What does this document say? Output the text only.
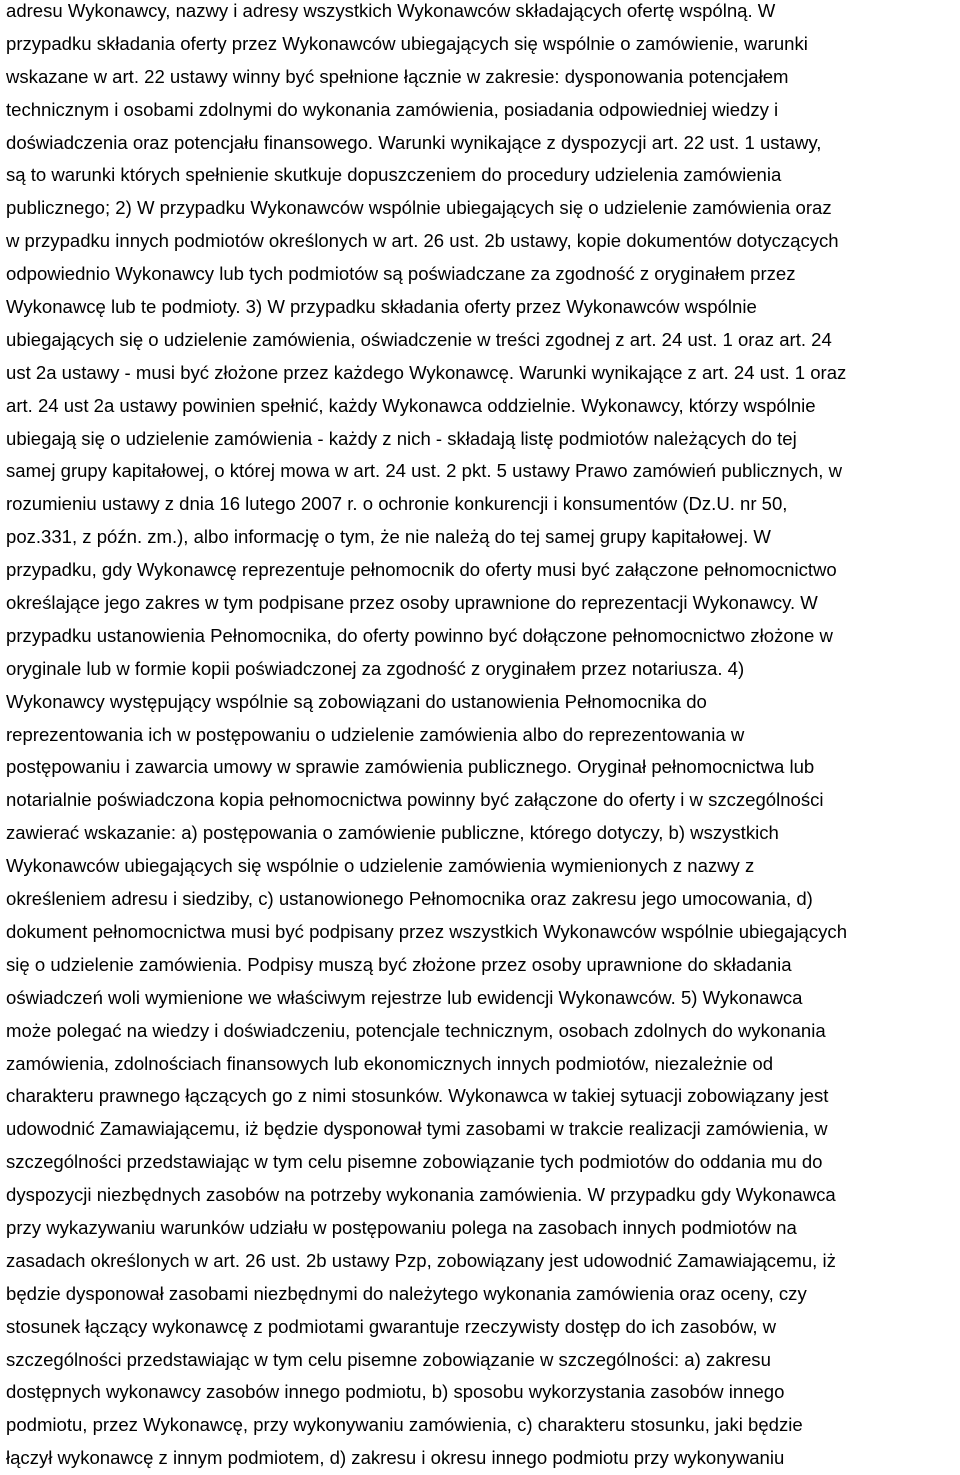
adresu Wykonawcy, nazwy i adresy wszystkich Wykonawców składających ofertę wspólną. W

przypadku składania oferty przez Wykonawców ubiegających się wspólnie o zamówienie, warunki

wskazane w art. 22 ustawy winny być spełnione łącznie w zakresie: dysponowania potencjałem

technicznym i osobami zdolnymi do wykonania zamówienia, posiadania odpowiedniej wiedzy i

doświadczenia oraz potencjału finansowego. Warunki wynikające z dyspozycji art. 22 ust. 1 ustawy,

są to warunki których spełnienie skutkuje dopuszczeniem do procedury udzielenia zamówienia

publicznego; 2) W przypadku Wykonawców wspólnie ubiegających się o udzielenie zamówienia oraz

w przypadku innych podmiotów określonych w art. 26 ust. 2b ustawy, kopie dokumentów dotyczących

odpowiednio Wykonawcy lub tych podmiotów są poświadczane za zgodność z oryginałem przez

Wykonawcę lub te podmioty. 3) W przypadku składania oferty przez Wykonawców wspólnie

ubiegających się o udzielenie zamówienia, oświadczenie w treści zgodnej z art. 24 ust. 1 oraz art. 24

ust 2a ustawy - musi być złożone przez każdego Wykonawcę. Warunki wynikające z art. 24 ust. 1 oraz

art. 24 ust 2a ustawy powinien spełnić, każdy Wykonawca oddzielnie. Wykonawcy, którzy wspólnie

ubiegają się o udzielenie zamówienia - każdy z nich - składają listę podmiotów należących do tej

samej grupy kapitałowej, o której mowa w art. 24 ust. 2 pkt. 5 ustawy Prawo zamówień publicznych, w

rozumieniu ustawy z dnia 16 lutego 2007 r. o ochronie konkurencji i konsumentów (Dz.U. nr 50,

poz.331, z późn. zm.), albo informację o tym, że nie należą do tej samej grupy kapitałowej. W

przypadku, gdy Wykonawcę reprezentuje pełnomocnik do oferty musi być załączone pełnomocnictwo

określające jego zakres w tym podpisane przez osoby uprawnione do reprezentacji Wykonawcy. W

przypadku ustanowienia Pełnomocnika, do oferty powinno być dołączone pełnomocnictwo złożone w

oryginale lub w formie kopii poświadczonej za zgodność z oryginałem przez notariusza. 4)

Wykonawcy występujący wspólnie są zobowiązani do ustanowienia Pełnomocnika do

reprezentowania ich w postępowaniu o udzielenie zamówienia albo do reprezentowania w

postępowaniu i zawarcia umowy w sprawie zamówienia publicznego. Oryginał pełnomocnictwa lub

notarialnie poświadczona kopia pełnomocnictwa powinny być załączone do oferty i w szczególności

zawierać wskazanie: a) postępowania o zamówienie publiczne, którego dotyczy, b) wszystkich

Wykonawców ubiegających się wspólnie o udzielenie zamówienia wymienionych z nazwy z

określeniem adresu i siedziby, c) ustanowionego Pełnomocnika oraz zakresu jego umocowania, d)

dokument pełnomocnictwa musi być podpisany przez wszystkich Wykonawców wspólnie ubiegających

się o udzielenie zamówienia. Podpisy muszą być złożone przez osoby uprawnione do składania

oświadczeń woli wymienione we właściwym rejestrze lub ewidencji Wykonawców. 5) Wykonawca

może polegać na wiedzy i doświadczeniu, potencjale technicznym, osobach zdolnych do wykonania

zamówienia, zdolnościach finansowych lub ekonomicznych innych podmiotów, niezależnie od

charakteru prawnego łączących go z nimi stosunków. Wykonawca w takiej sytuacji zobowiązany jest

udowodnić Zamawiającemu, iż będzie dysponował tymi zasobami w trakcie realizacji zamówienia, w

szczególności przedstawiając w tym celu pisemne zobowiązanie tych podmiotów do oddania mu do

dyspozycji niezbędnych zasobów na potrzeby wykonania zamówienia. W przypadku gdy Wykonawca

przy wykazywaniu warunków udziału w postępowaniu polega na zasobach innych podmiotów na

zasadach określonych w art. 26 ust. 2b ustawy Pzp, zobowiązany jest udowodnić Zamawiającemu, iż

będzie dysponował zasobami niezbędnymi do należytego wykonania zamówienia oraz oceny, czy

stosunek łączący wykonawcę z podmiotami gwarantuje rzeczywisty dostęp do ich zasobów, w

szczególności przedstawiając w tym celu pisemne zobowiązanie w szczególności: a) zakresu

dostępnych wykonawcy zasobów innego podmiotu, b) sposobu wykorzystania zasobów innego

podmiotu, przez Wykonawcę, przy wykonywaniu zamówienia, c) charakteru stosunku, jaki będzie

łączył wykonawcę z innym podmiotem, d) zakresu i okresu innego podmiotu przy wykonywaniu
